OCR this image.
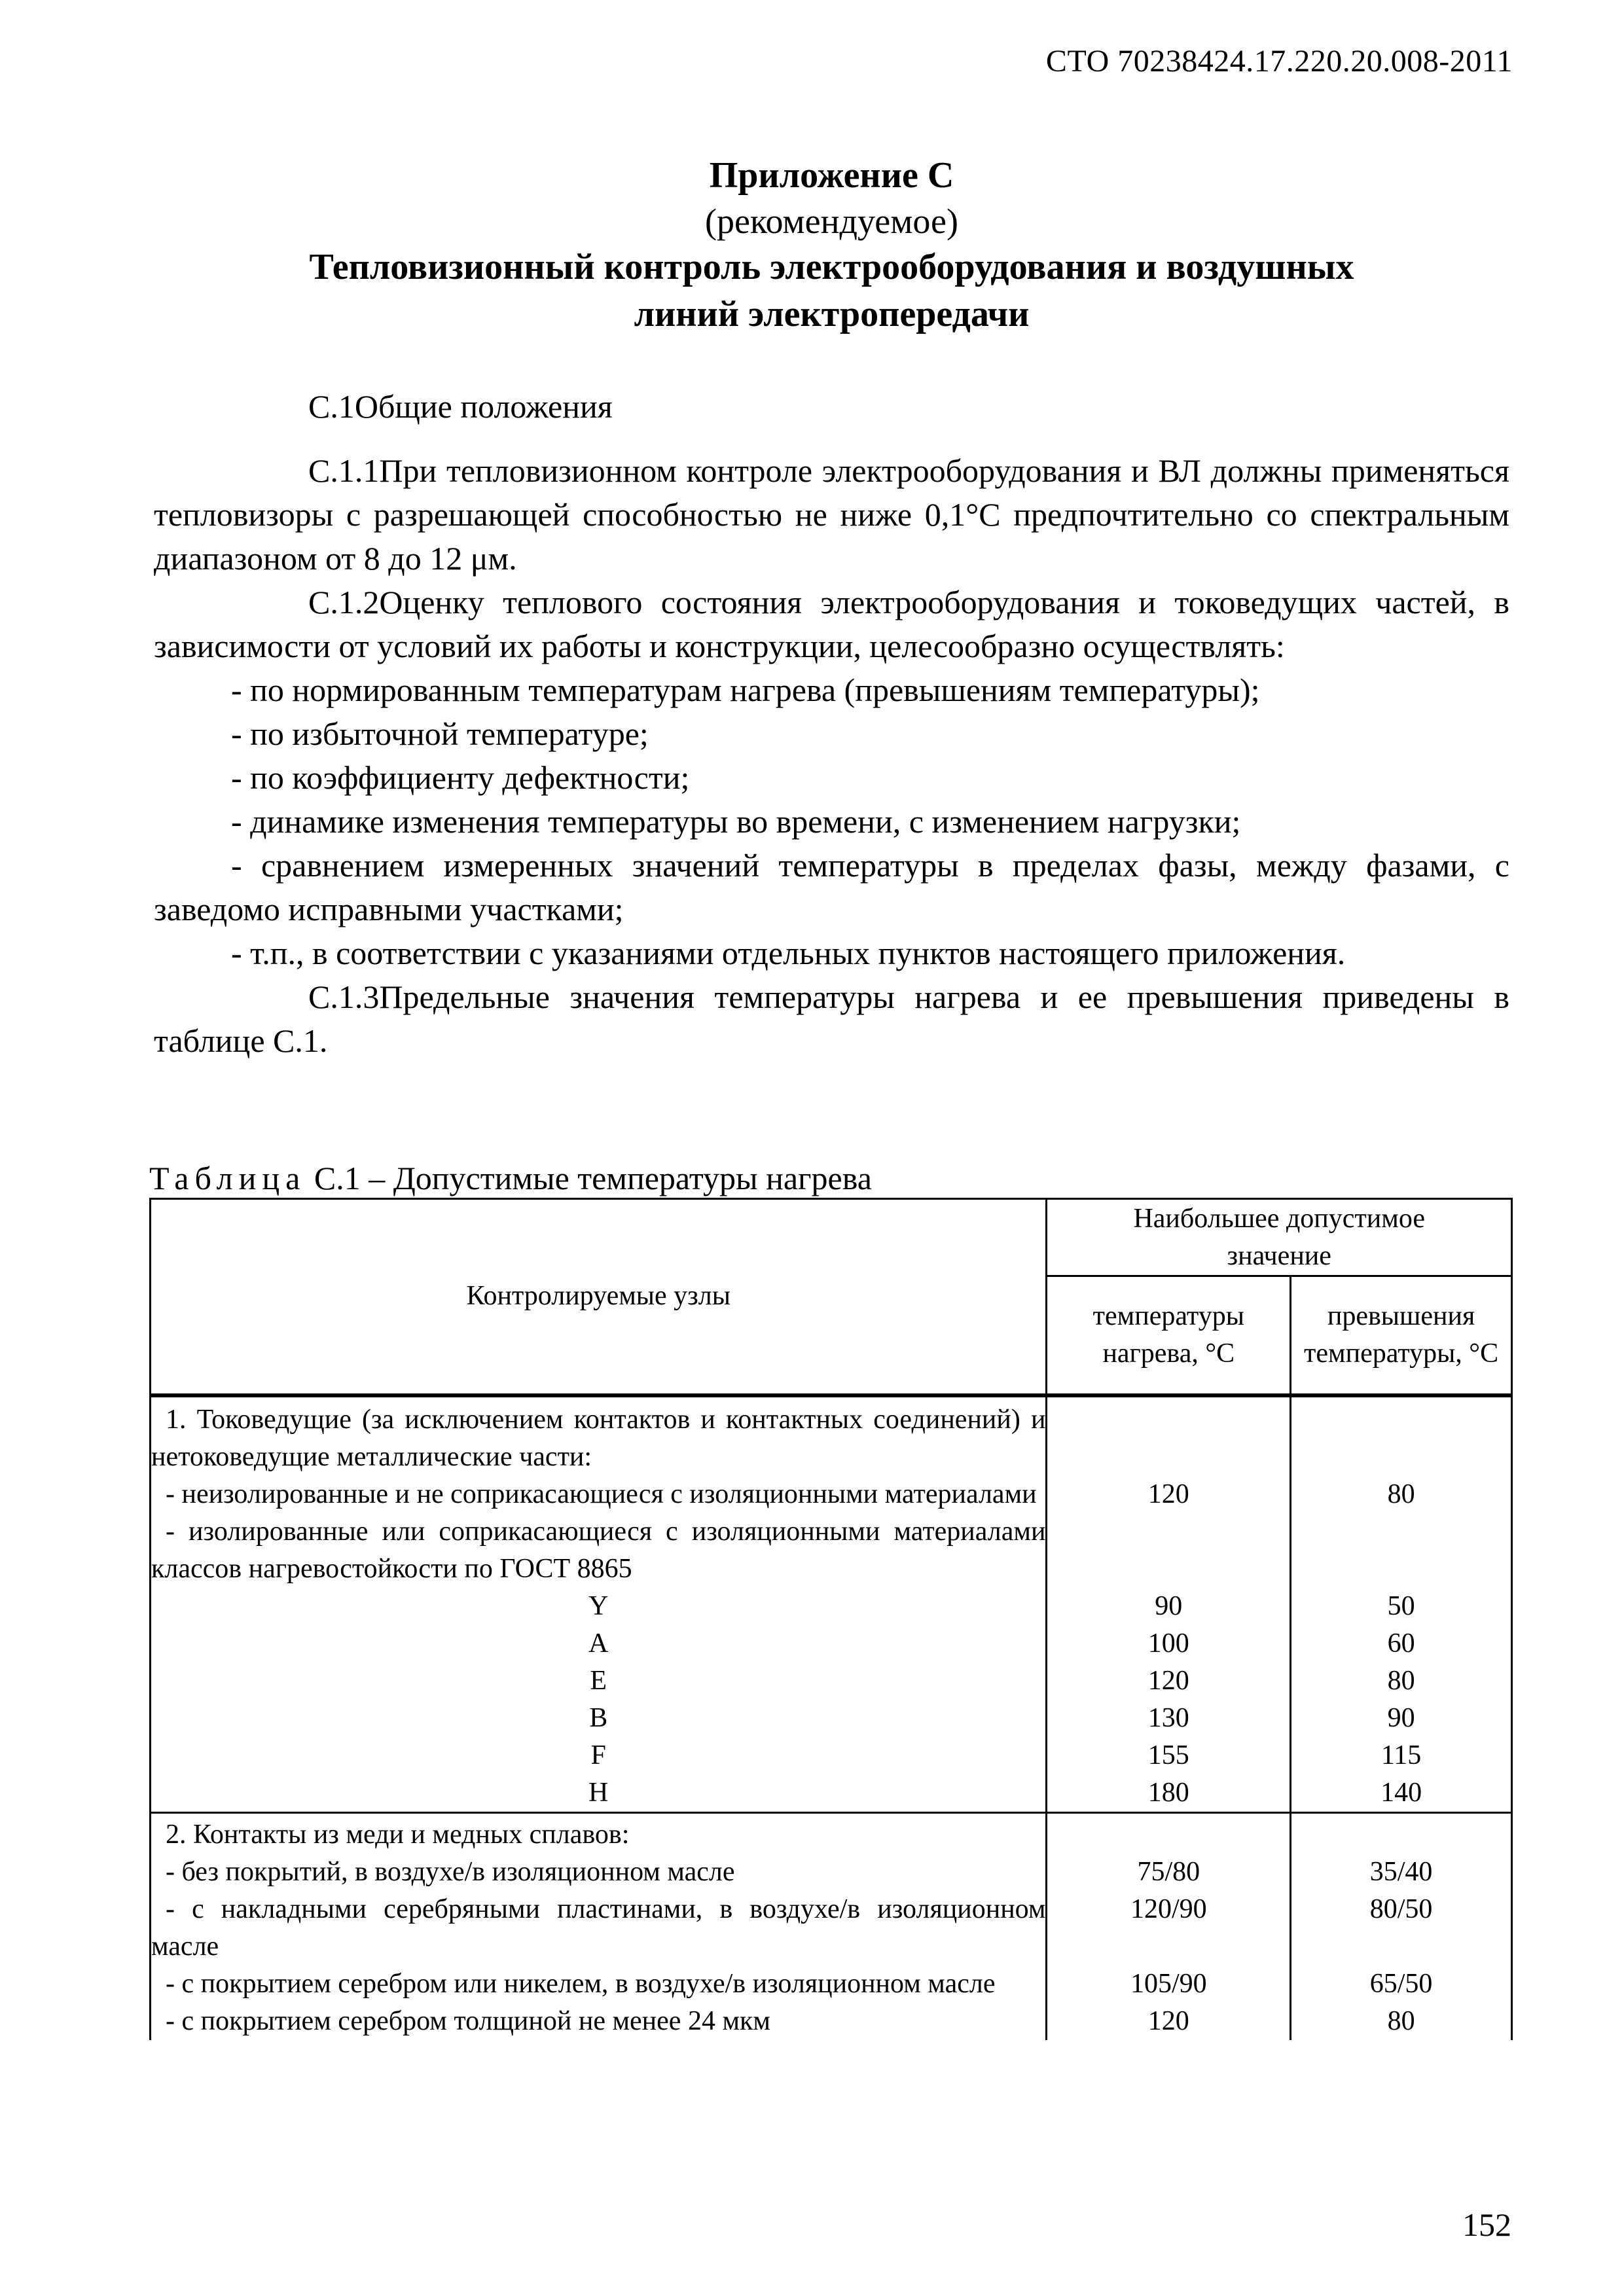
СТО 70238424.17.220.20.008-2011
Приложение С
(рекомендуемое)
Тепловизионный контроль электрооборудования и воздушных
линий электропередачи

С.1Общие положения

С.1.1При тепловизионном контроле электрооборудования и ВЛ должны применяться тепловизоры с разрешающей способностью не ниже 0,1°С предпочтительно со спектральным диапазоном от 8 до 12 μм.

С.1.2Оценку теплового состояния электрооборудования и токоведущих частей, в зависимости от условий их работы и конструкции, целесообразно осуществлять:

- по нормированным температурам нагрева (превышениям температуры);

- по избыточной температуре;

- по коэффициенту дефектности;

- динамике изменения температуры во времени, с изменением нагрузки;

- сравнением измеренных значений температуры в пределах фазы, между фазами, с заведомо исправными участками;

- т.п., в соответствии с указаниями отдельных пунктов настоящего приложения.

С.1.3Предельные значения температуры нагрева и ее превышения приведены в таблице С.1.

Таблица С.1 – Допустимые температуры нагрева
Контролируемые узлы	Наибольшее допустимое значение	
	температуры нагрева, °С	превышения температуры, °С
1. Токоведущие (за исключением контактов и контактных соединений) и нетоковедущие металлические части:		
- неизолированные и не соприкасающиеся с изоляционными материалами	120	80
- изолированные или соприкасающиеся с изоляционными материалами классов нагревостойкости по ГОСТ 8865		
Y	90	50
A	100	60
E	120	80
B	130	90
F	155	115
H	180	140
2. Контакты из меди и медных сплавов:		
- без покрытий, в воздухе/в изоляционном масле	75/80	35/40
- с накладными серебряными пластинами, в воздухе/в изоляционном масле	120/90	80/50
- с покрытием серебром или никелем, в воздухе/в изоляционном масле	105/90	65/50
- с покрытием серебром толщиной не менее 24 мкм	120	80
152
